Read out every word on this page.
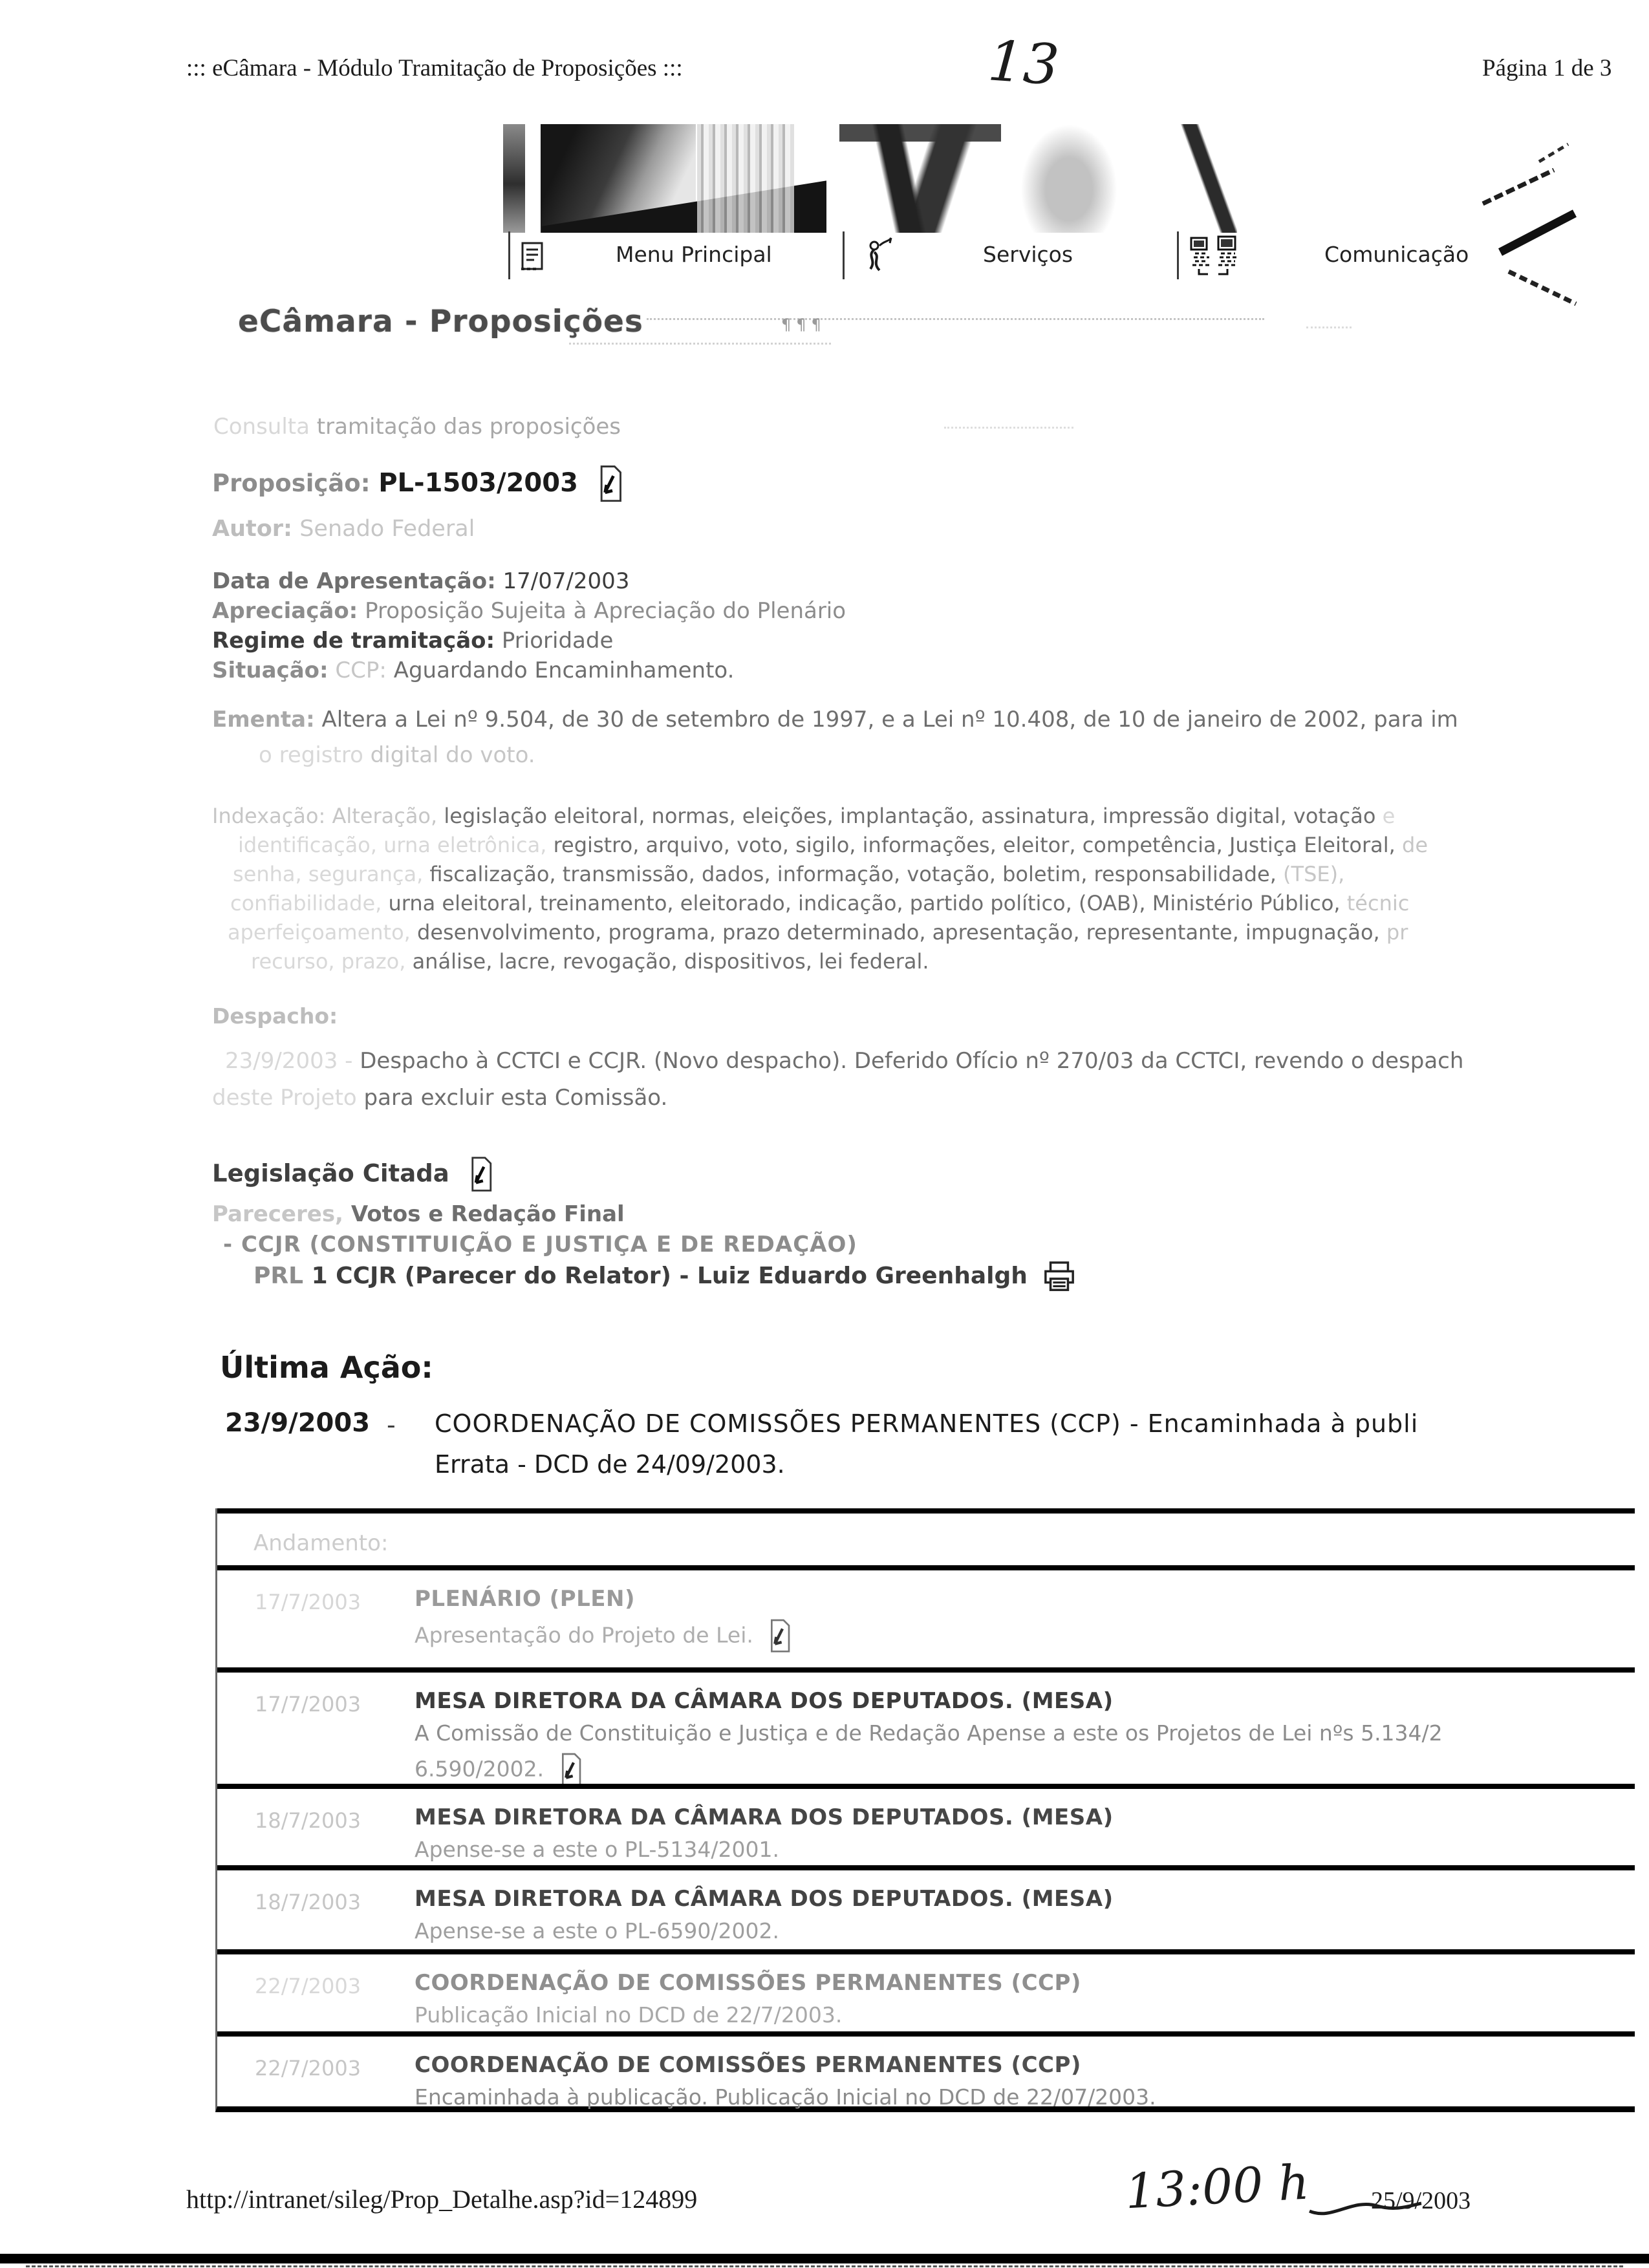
::: eCâmara - Módulo Tramitação de Proposições :::	13	Página 1 de 3
Menu Principal	Serviços	Comunicação
eCâmara - Proposições	¶¶¶
Consulta tramitação das proposições
Proposição: PL-1503/2003
Autor: Senado Federal
Data de Apresentação: 17/07/2003
Apreciação: Proposição Sujeita à Apreciação do Plenário
Regime de tramitação: Prioridade
Situação: CCP: Aguardando Encaminhamento.
Ementa: Altera a Lei nº 9.504, de 30 de setembro de 1997, e a Lei nº 10.408, de 10 de janeiro de 2002, para im
o registro digital do voto.
Indexação: Alteração, legislação eleitoral, normas, eleições, implantação, assinatura, impressão digital, votação e
identificação, urna eletrônica, registro, arquivo, voto, sigilo, informações, eleitor, competência, Justiça Eleitoral, de
senha, segurança, fiscalização, transmissão, dados, informação, votação, boletim, responsabilidade, (TSE),
confiabilidade, urna eleitoral, treinamento, eleitorado, indicação, partido político, (OAB), Ministério Público, técnic
aperfeiçoamento, desenvolvimento, programa, prazo determinado, apresentação, representante, impugnação, pr
recurso, prazo, análise, lacre, revogação, dispositivos, lei federal.
Despacho:
23/9/2003 - Despacho à CCTCI e CCJR. (Novo despacho). Deferido Ofício nº 270/03 da CCTCI, revendo o despach
deste Projeto para excluir esta Comissão.
Legislação Citada
Pareceres, Votos e Redação Final
- CCJR (CONSTITUIÇÃO E JUSTIÇA E DE REDAÇÃO)
PRL 1 CCJR (Parecer do Relator) - Luiz Eduardo Greenhalgh
Última Ação:
23/9/2003 - COORDENAÇÃO DE COMISSÕES PERMANENTES (CCP) - Encaminhada à publi
Errata - DCD de 24/09/2003.
Andamento:
17/7/2003 PLENÁRIO (PLEN)
Apresentação do Projeto de Lei.
17/7/2003 MESA DIRETORA DA CÂMARA DOS DEPUTADOS. (MESA)
A Comissão de Constituição e Justiça e de Redação Apense a este os Projetos de Lei nºs 5.134/2
6.590/2002.
18/7/2003 MESA DIRETORA DA CÂMARA DOS DEPUTADOS. (MESA)
Apense-se a este o PL-5134/2001.
18/7/2003 MESA DIRETORA DA CÂMARA DOS DEPUTADOS. (MESA)
Apense-se a este o PL-6590/2002.
22/7/2003 COORDENAÇÃO DE COMISSÕES PERMANENTES (CCP)
Publicação Inicial no DCD de 22/7/2003.
22/7/2003 COORDENAÇÃO DE COMISSÕES PERMANENTES (CCP)
Encaminhada à publicação. Publicação Inicial no DCD de 22/07/2003.
http://intranet/sileg/Prop_Detalhe.asp?id=124899	13:00 h 25/9/2003
